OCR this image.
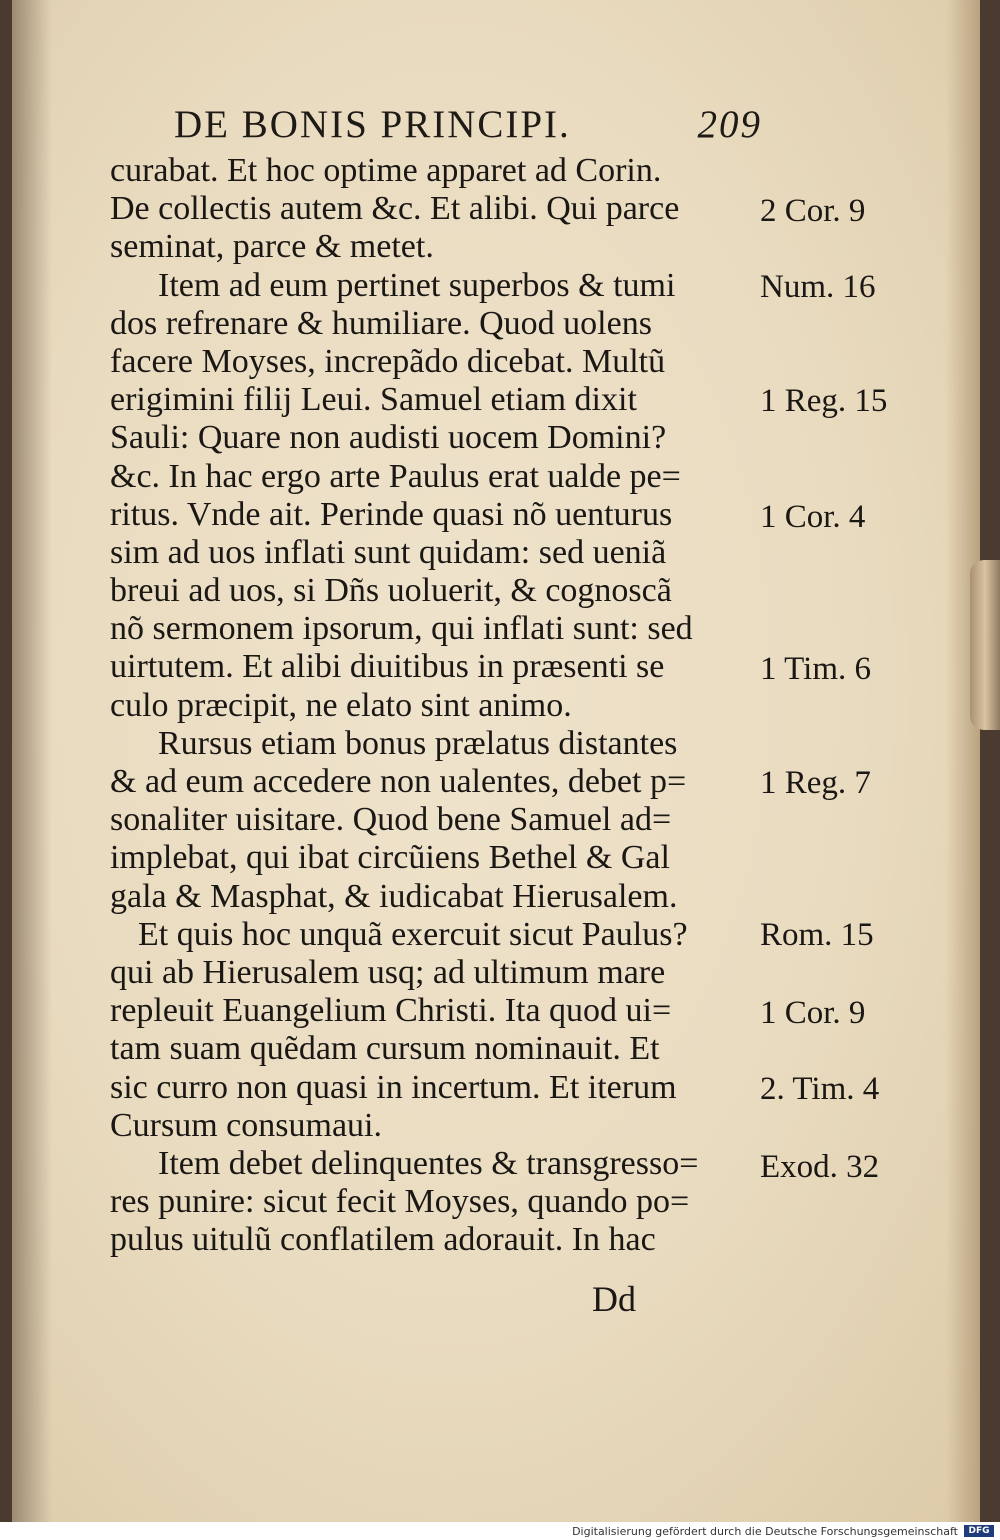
DE BONIS PRINCIPI.	209
curabat. Et hoc optime apparet ad Corin.
De collectis autem &c. Et alibi. Qui parce
seminat, parce & metet.
Item ad eum pertinet superbos & tumi
dos refrenare & humiliare. Quod uolens
facere Moyses, increpãdo dicebat. Multũ
erigimini filij Leui. Samuel etiam dixit
Sauli: Quare non audisti uocem Domini?
&c. In hac ergo arte Paulus erat ualde pe=
ritus. Vnde ait. Perinde quasi nõ uenturus
sim ad uos inflati sunt quidam: sed ueniã
breui ad uos, si Dñs uoluerit, & cognoscã
nõ sermonem ipsorum, qui inflati sunt: sed
uirtutem. Et alibi diuitibus in præsenti se
culo præcipit, ne elato sint animo.
Rursus etiam bonus prælatus distantes
& ad eum accedere non ualentes, debet p=
sonaliter uisitare. Quod bene Samuel ad=
implebat, qui ibat circũiens Bethel & Gal
gala & Masphat, & iudicabat Hierusalem.
Et quis hoc unquã exercuit sicut Paulus?
qui ab Hierusalem usq; ad ultimum mare
repleuit Euangelium Christi. Ita quod ui=
tam suam quẽdam cursum nominauit. Et
sic curro non quasi in incertum. Et iterum
Cursum consumaui.
Item debet delinquentes & transgresso=
res punire: sicut fecit Moyses, quando po=
pulus uitulũ conflatilem adorauit. In hac
2 Cor. 9
Num. 16
1 Reg. 15
1 Cor. 4
1 Tim. 6
1 Reg. 7
Rom. 15
1 Cor. 9
2. Tim. 4
Exod. 32
Dd
Digitalisierung gefördert durch die Deutsche Forschungsgemeinschaft	DFG
